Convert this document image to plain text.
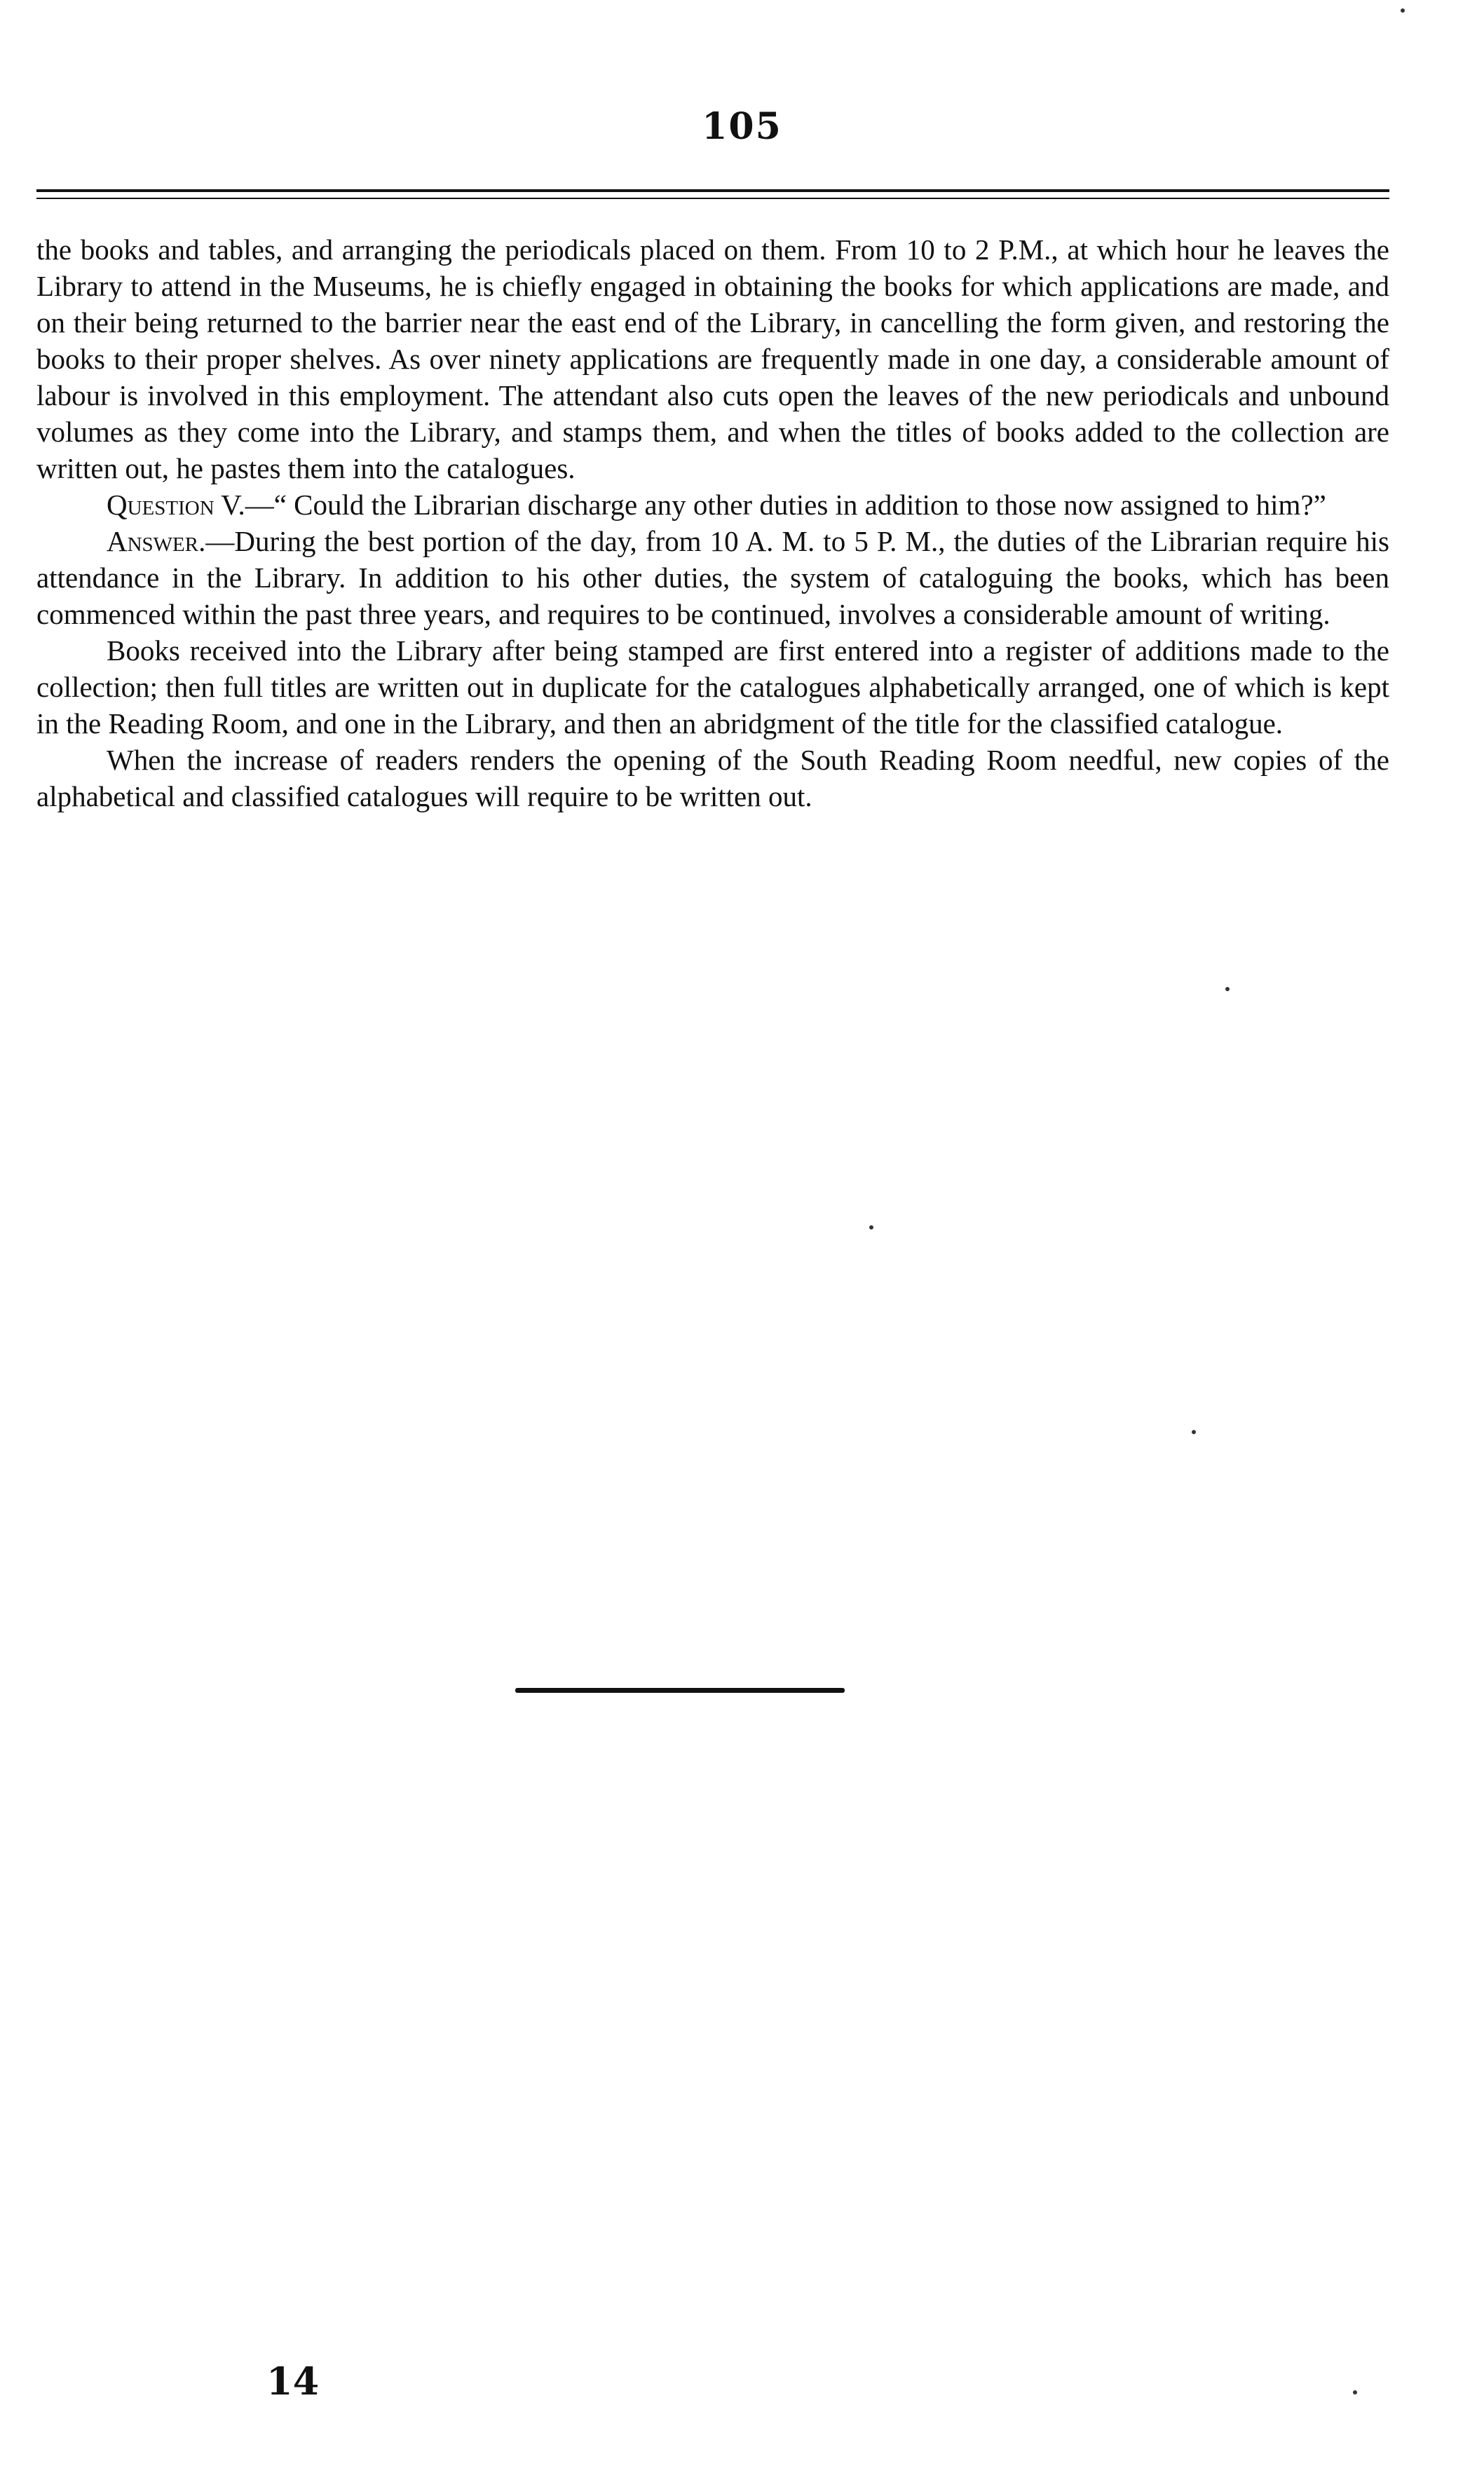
105

the books and tables, and arranging the periodicals placed on them. From 10 to 2 P.M., at which hour he leaves the Library to attend in the Museums, he is chiefly engaged in obtaining the books for which applications are made, and on their being returned to the barrier near the east end of the Library, in cancelling the form given, and restoring the books to their proper shelves. As over ninety applications are frequently made in one day, a considerable amount of labour is involved in this employment. The attendant also cuts open the leaves of the new periodicals and unbound volumes as they come into the Library, and stamps them, and when the titles of books added to the collection are written out, he pastes them into the catalogues.

Question V.—“ Could the Librarian discharge any other duties in addition to those now assigned to him?”

Answer.—During the best portion of the day, from 10 A. M. to 5 P. M., the duties of the Librarian require his attendance in the Library. In addition to his other duties, the system of cataloguing the books, which has been commenced within the past three years, and requires to be continued, involves a considerable amount of writing.

Books received into the Library after being stamped are first entered into a register of additions made to the collection; then full titles are written out in duplicate for the catalogues alphabetically arranged, one of which is kept in the Reading Room, and one in the Library, and then an abridgment of the title for the classified catalogue.

When the increase of readers renders the opening of the South Reading Room needful, new copies of the alphabetical and classified catalogues will require to be written out.

14
